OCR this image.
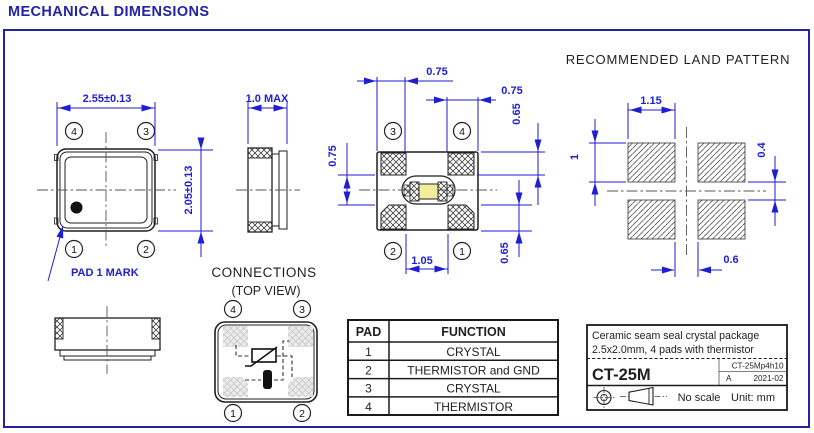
MECHANICAL DIMENSIONS
PAD 1 MARK
4	3
1	2
2.55±0.13
2.05±0.13
1.0 MAX
3	4
2	1
0.75
0.75
0.65
0.65
0.75
1.05
RECOMMENDED LAND PATTERN
1.15
1	0.4
0.6
CONNECTIONS
(TOP VIEW)
4	3
1	2
PAD	FUNCTION
1	CRYSTAL
2	THERMISTOR and GND
3	CRYSTAL
4	THERMISTOR
Ceramic seam seal crystal package
2.5x2.0mm, 4 pads with thermistor
CT-25M	CT-25Mp4h10
A	2021-02
No scale Unit: mm
